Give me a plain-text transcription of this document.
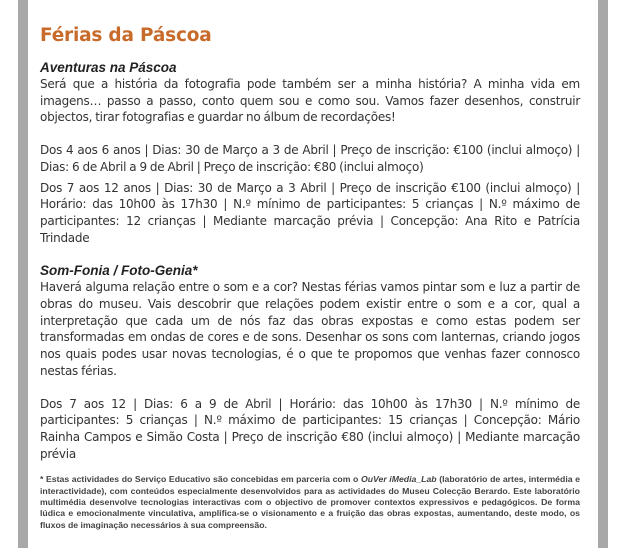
Férias da Páscoa
Aventuras na Páscoa

Será que a história da fotografia pode também ser a minha história? A minha vida em imagens… passo a passo, conto quem sou e como sou. Vamos fazer desenhos, construir objectos, tirar fotografias e guardar no álbum de recordações!

Dos 4 aos 6 anos | Dias: 30 de Março a 3 de Abril | Preço de inscrição: €100 (inclui almoço) | Dias: 6 de Abril a 9 de Abril | Preço de inscrição: €80 (inclui almoço)

Dos 7 aos 12 anos | Dias: 30 de Março a 3 Abril | Preço de inscrição €100 (inclui almoço) | Horário: das 10h00 às 17h30 | N.º mínimo de participantes: 5 crianças | N.º máximo de participantes: 12 crianças | Mediante marcação prévia | Concepção: Ana Rito e Patrícia Trindade

Som-Fonia / Foto-Genia*

Haverá alguma relação entre o som e a cor? Nestas férias vamos pintar som e luz a partir de obras do museu. Vais descobrir que relações podem existir entre o som e a cor, qual a interpretação que cada um de nós faz das obras expostas e como estas podem ser transformadas em ondas de cores e de sons. Desenhar os sons com lanternas, criando jogos nos quais podes usar novas tecnologias, é o que te propomos que venhas fazer connosco nestas férias.

Dos 7 aos 12 | Dias: 6 a 9 de Abril | Horário: das 10h00 às 17h30 | N.º mínimo de participantes: 5 crianças | N.º máximo de participantes: 15 crianças | Concepção: Mário Rainha Campos e Simão Costa | Preço de inscrição €80 (inclui almoço) | Mediante marcação prévia

* Estas actividades do Serviço Educativo são concebidas em parceria com o OuVer iMedia_Lab (laboratório de artes, intermédia e interactividade), com conteúdos especialmente desenvolvidos para as actividades do Museu Colecção Berardo. Este laboratório multimédia desenvolve tecnologias interactivas com o objectivo de promover contextos expressivos e pedagógicos. De forma lúdica e emocionalmente vinculativa, amplifica-se o visionamento e a fruição das obras expostas, aumentando, deste modo, os fluxos de imaginação necessários à sua compreensão.
